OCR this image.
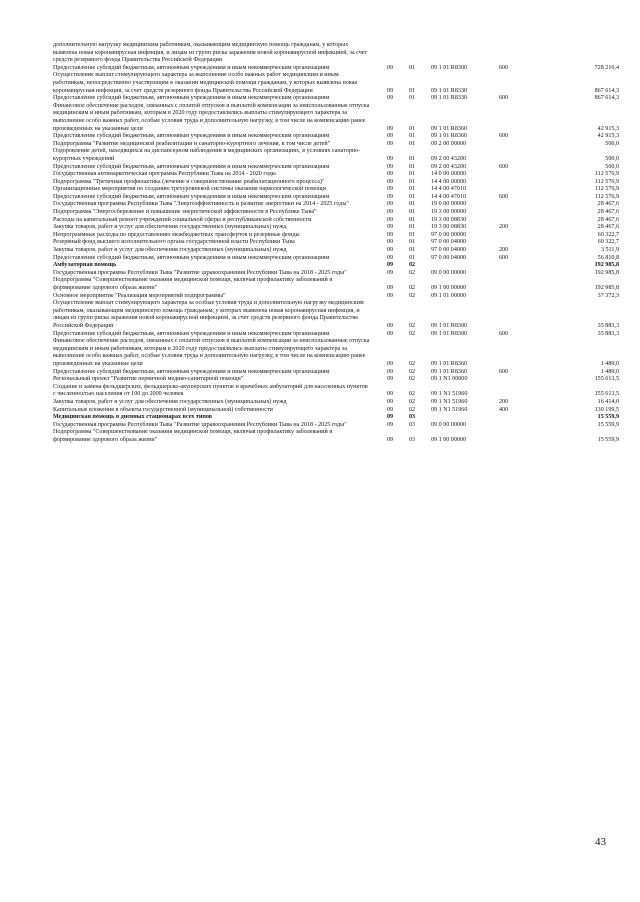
дополнительную нагрузку медицинским работникам, оказывающим медицинскую помощь гражданам, у которых выявлена новая коронавирусная инфекция, и лицам из групп риска заражения новой коронавирусной инфекцией, за счет средств резервного фонда Правительства Российской Федерации
Предоставление субсидий бюджетным, автономным учреждениям и иным некоммерческим организациям	09	01	09 1 01 R8300	600	728 210,4
Осуществление выплат стимулирующего характера за выполнение особо важных работ медицинским и иным работникам, непосредственно участвующим в оказании медицинской помощи гражданам, у которых выявлена новая коронавирусная инфекция, за счет средств резервного фонда Правительства Российской Федерации	09	01	09 1 01 R8330	867 614,3
Предоставление субсидий бюджетным, автономным учреждениям и иным некоммерческим организациям	09	01	09 1 01 R8330	600	867 614,3
Финансовое обеспечение расходов, связанных с оплатой отпусков и выплатой компенсации за неиспользованные отпуска медицинским и иным работникам, которым в 2020 году предоставлялись выплаты стимулирующего характера за выполнение особо важных работ, особые условия труда и дополнительную нагрузку, в том числе на компенсацию ранее произведенных на указанные цели	09	01	09 1 01 R8360	42 915,3
Предоставление субсидий бюджетным, автономным учреждениям и иным некоммерческим организациям	09	01	09 1 01 R8360	600	42 915,3
Подпрограмма "Развитие медицинской реабилитации и санаторно-курортного лечения, в том числе детей"	09	01	09 2 00 00000	500,0
Оздоровление детей, находящихся на диспансерном наблюдении в медицинских организациях, в условиях санаторно-курортных учреждений	09	01	09 2 00 43200	500,0
Предоставление субсидий бюджетным, автономным учреждениям и иным некоммерческим организациям	09	01	09 2 00 43200	600	500,0
Государственная антинаркотическая программа Республики Тыва на 2014 - 2020 годы	09	01	14 0 00 00000	112 576,9
Подпрограмма "Третичная профилактика (лечение и совершенствование реабилитационного процесса)"	09	01	14 4 00 00000	112 576,9
Организационные мероприятия по созданию трехуровневой системы оказания наркологической помощи	09	01	14 4 00 47010	112 576,9
Предоставление субсидий бюджетным, автономным учреждениям и иным некоммерческим организациям	09	01	14 4 00 47010	600	112 576,9
Государственная программа Республики Тыва "Энергоэффективность и развитие энергетики на 2014 - 2025 годы"	09	01	19 0 00 00000	28 467,6
Подпрограмма "Энергосбережение и повышение энергетической эффективности в Республике Тыва"	09	01	19 3 00 00000	28 467,6
Расходы на капитальный ремонт учреждений социальной сферы и республиканской собственности	09	01	19 3 00 08830	28 467,6
Закупка товаров, работ и услуг для обеспечения государственных (муниципальных) нужд	09	01	19 3 00 08830	200	28 467,6
Непрограммные расходы по предоставлению межбюджетных трансфертов и резервные фонды	09	01	97 0 00 00000	60 322,7
Резервный фонд высшего исполнительного органа государственной власти Республики Тыва	09	01	97 0 00 04000	60 322,7
Закупка товаров, работ и услуг для обеспечения государственных (муниципальных) нужд	09	01	97 0 00 04000	200	3 511,9
Предоставление субсидий бюджетным, автономным учреждениям и иным некоммерческим организациям	09	01	97 0 00 04000	600	56 810,8
Амбулаторная помощь	09	02	192 985,8
Государственная программа Республики Тыва "Развитие здравоохранения Республики Тыва на 2018 - 2025 годы"	09	02	09 0 00 00000	192 985,8
Подпрограмма "Совершенствование оказания медицинской помощи, включая профилактику заболеваний и формирование здорового образа жизни"	09	02	09 1 00 00000	192 985,8
Основное мероприятие "Реализация мероприятий подпрограммы"	09	02	09 1 01 00000	37 372,3
Осуществление выплат стимулирующего характера за особые условия труда и дополнительную нагрузку медицинским работникам, оказывающим медицинскую помощь гражданам, у которых выявлена новая коронавирусная инфекция, и лицам из групп риска заражения новой коронавирусной инфекцией, за счет средств резервного фонда Правительства Российской Федерации	09	02	09 1 01 R8300	35 883,3
Предоставление субсидий бюджетным, автономным учреждениям и иным некоммерческим организациям	09	02	09 1 01 R8300	600	35 883,3
Финансовое обеспечение расходов, связанных с оплатой отпусков и выплатой компенсации за неиспользованные отпуска медицинским и иным работникам, которым в 2020 году предоставлялись выплаты стимулирующего характера за выполнение особо важных работ, особые условия труда и дополнительную нагрузку, в том числе на компенсацию ранее произведенных на указанные цели	09	02	09 1 01 R8360	1 489,0
Предоставление субсидий бюджетным, автономным учреждениям и иным некоммерческим организациям	09	02	09 1 01 R8360	600	1 489,0
Региональный проект "Развитие первичной медико-санитарной помощи"	09	02	09 1 N1 00000	155 613,5
Создание и замена фельдшерских, фельдшерско-акушерских пунктов и врачебных амбулаторий для населенных пунктов с численностью населения от 100 до 2000 человек	09	02	09 1 N1 51960	155 613,5
Закупка товаров, работ и услуг для обеспечения государственных (муниципальных) нужд	09	02	09 1 N1 51960	200	16 414,0
Капитальные вложения в объекты государственной (муниципальной) собственности	09	02	09 1 N1 51960	400	139 199,5
Медицинская помощь в дневных стационарах всех типов	09	03	15 559,9
Государственная программа Республики Тыва "Развитие здравоохранения Республики Тыва на 2018 - 2025 годы"	09	03	09 0 00 00000	15 559,9
Подпрограмма "Совершенствование оказания медицинской помощи, включая профилактику заболеваний и формирование здорового образа жизни"	09	03	09 1 00 00000	15 559,9
43
